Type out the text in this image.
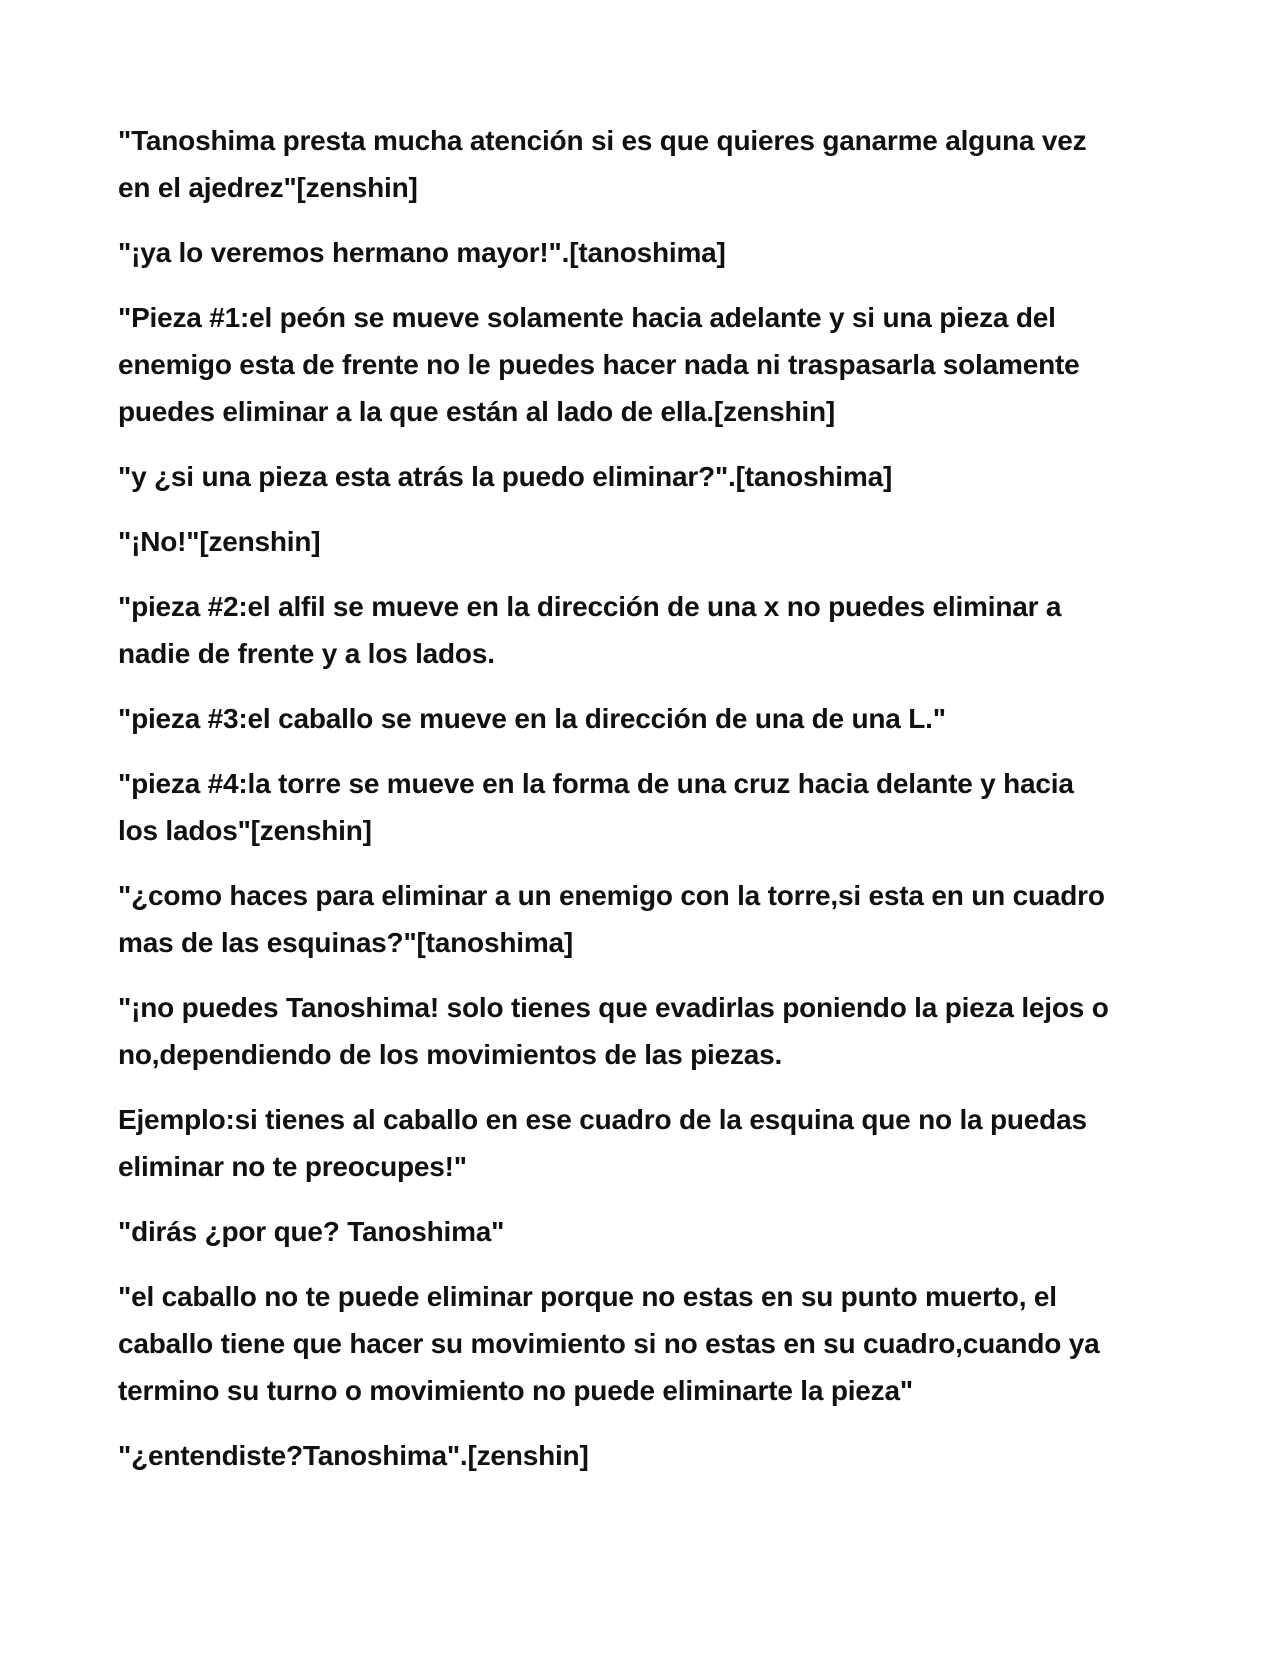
"Tanoshima presta mucha atención si es que quieres ganarme alguna vez
en el ajedrez"[zenshin]

"¡ya lo veremos hermano mayor!".[tanoshima]

"Pieza #1:el peón se mueve solamente hacia adelante y si una pieza del
enemigo esta de frente no le puedes hacer nada ni traspasarla solamente
puedes eliminar a la que están al lado de ella.[zenshin]

"y ¿si una pieza esta atrás la puedo eliminar?".[tanoshima]

"¡No!"[zenshin]

"pieza #2:el alfil se mueve en la dirección de una x no puedes eliminar a
nadie de frente y a los lados.

"pieza #3:el caballo se mueve en la dirección de una de una L."

"pieza #4:la torre se mueve en la forma de una cruz hacia delante y hacia
los lados"[zenshin]

"¿como haces para eliminar a un enemigo con la torre,si esta en un cuadro
mas de las esquinas?"[tanoshima]

"¡no puedes Tanoshima! solo tienes que evadirlas poniendo la pieza lejos o
no,dependiendo de los movimientos de las piezas.

Ejemplo:si tienes al caballo en ese cuadro de la esquina que no la puedas
eliminar no te preocupes!"

"dirás ¿por que? Tanoshima"

"el caballo no te puede eliminar porque no estas en su punto muerto, el
caballo tiene que hacer su movimiento si no estas en su cuadro,cuando ya
termino su turno o movimiento no puede eliminarte la pieza"

"¿entendiste?Tanoshima".[zenshin]
